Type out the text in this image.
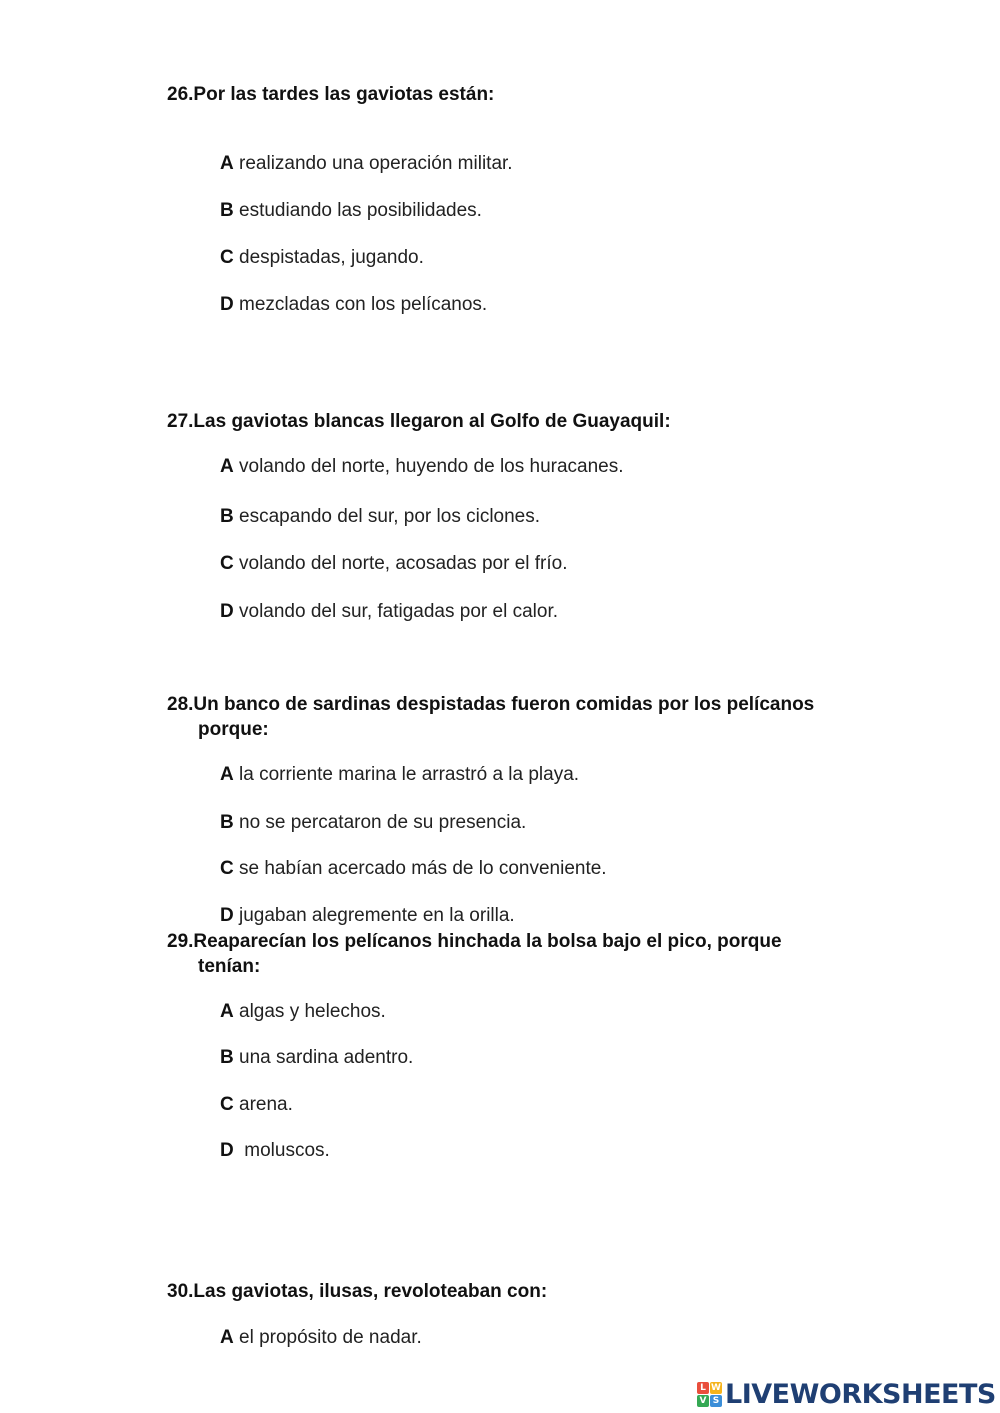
26.Por las tardes las gaviotas están:
A realizando una operación militar.
B estudiando las posibilidades.
C despistadas, jugando.
D mezcladas con los pelícanos.
27.Las gaviotas blancas llegaron al Golfo de Guayaquil:
A volando del norte, huyendo de los huracanes.
B escapando del sur, por los ciclones.
C volando del norte, acosadas por el frío.
D volando del sur, fatigadas por el calor.
28.Un banco de sardinas despistadas fueron comidas por los pelícanos
porque:
A la corriente marina le arrastró a la playa.
B no se percataron de su presencia.
C se habían acercado más de lo conveniente.
D jugaban alegremente en la orilla.
29.Reaparecían los pelícanos hinchada la bolsa bajo el pico, porque
tenían:
A algas y helechos.
B una sardina adentro.
C arena.
D  moluscos.
30.Las gaviotas, ilusas, revoloteaban con:
A el propósito de nadar.
L W
V S LIVEWORKSHEETS
